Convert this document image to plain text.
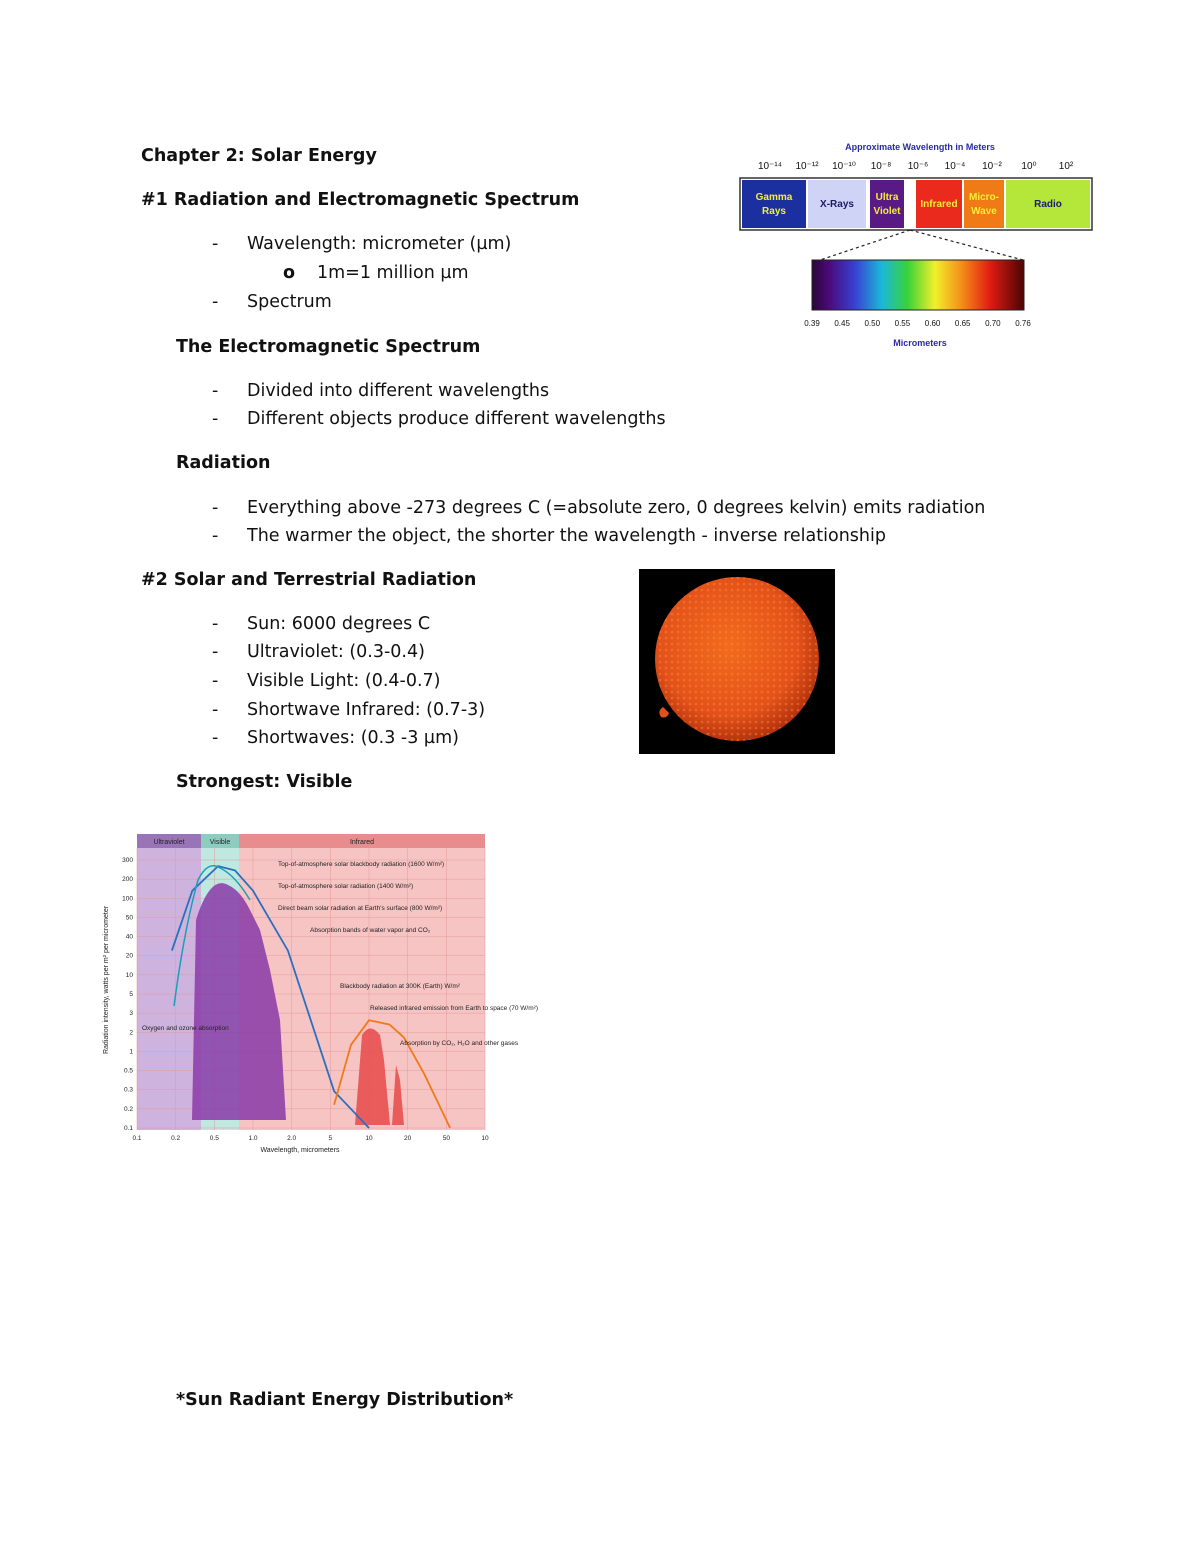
Chapter 2: Solar Energy
#1 Radiation and Electromagnetic Spectrum
- Wavelength: micrometer (µm)
o 1m=1 million µm
- Spectrum
The Electromagnetic Spectrum
- Divided into different wavelengths
- Different objects produce different wavelengths
Radiation
- Everything above -273 degrees C (=absolute zero, 0 degrees kelvin) emits radiation
- The warmer the object, the shorter the wavelength - inverse relationship
#2 Solar and Terrestrial Radiation
- Sun: 6000 degrees C
- Ultraviolet: (0.3-0.4)
- Visible Light: (0.4-0.7)
- Shortwave Infrared: (0.7-3)
- Shortwaves: (0.3 -3 µm)
Strongest: Visible
*Sun Radiant Energy Distribution*
Approximate Wavelength in Meters
10⁻¹⁴ 10⁻¹² 10⁻¹⁰ 10⁻⁸ 10⁻⁶ 10⁻⁴ 10⁻² 10⁰ 10²
Gamma
Rays
X-Rays
Ultra
Violet
Infrared
Micro-
Wave
Radio
0.39 0.45 0.50 0.55 0.60 0.65 0.70 0.76
Micrometers
Ultraviolet	Visible	Infrared
Top-of-atmosphere solar blackbody radiation (1600 W/m²)
Top-of-atmosphere solar radiation (1400 W/m²)
Direct beam solar radiation at Earth's surface (800 W/m²)
Absorption bands of water vapor and CO₂
Blackbody radiation at 300K (Earth) W/m²
Released infrared emission from Earth to space (70 W/m²)
Absorption by CO₂, H₂O and other gases
Oxygen and ozone absorption
300
200
100
50
40
20
10
5
3
2
1
0.5
0.3
0.2
0.1
0.1	0.2	0.5	1.0	2.0	5	10	20	50	10
Wavelength, micrometers
Radiation intensity, watts per m² per micrometer
